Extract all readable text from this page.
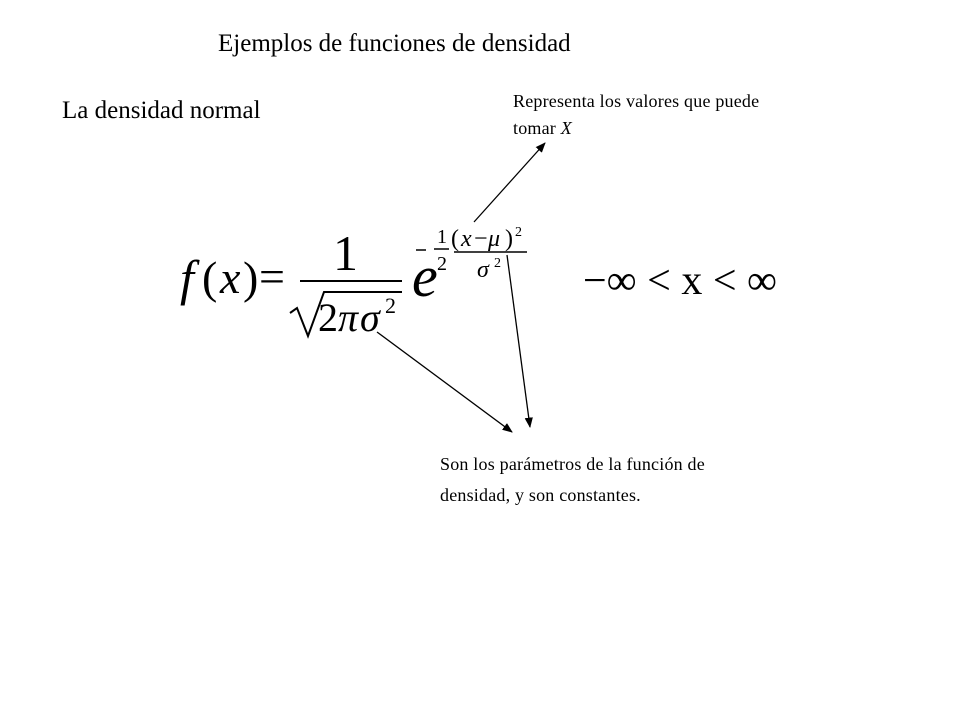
Ejemplos de funciones de densidad
La densidad normal	Representa los valores que puede
tomar X
Son los parámetros de la función de
densidad, y son constantes.
f ( x ) = 1
2 π σ 2 e
1
2
( x − μ ) 2
σ 2 −∞ < x < ∞
